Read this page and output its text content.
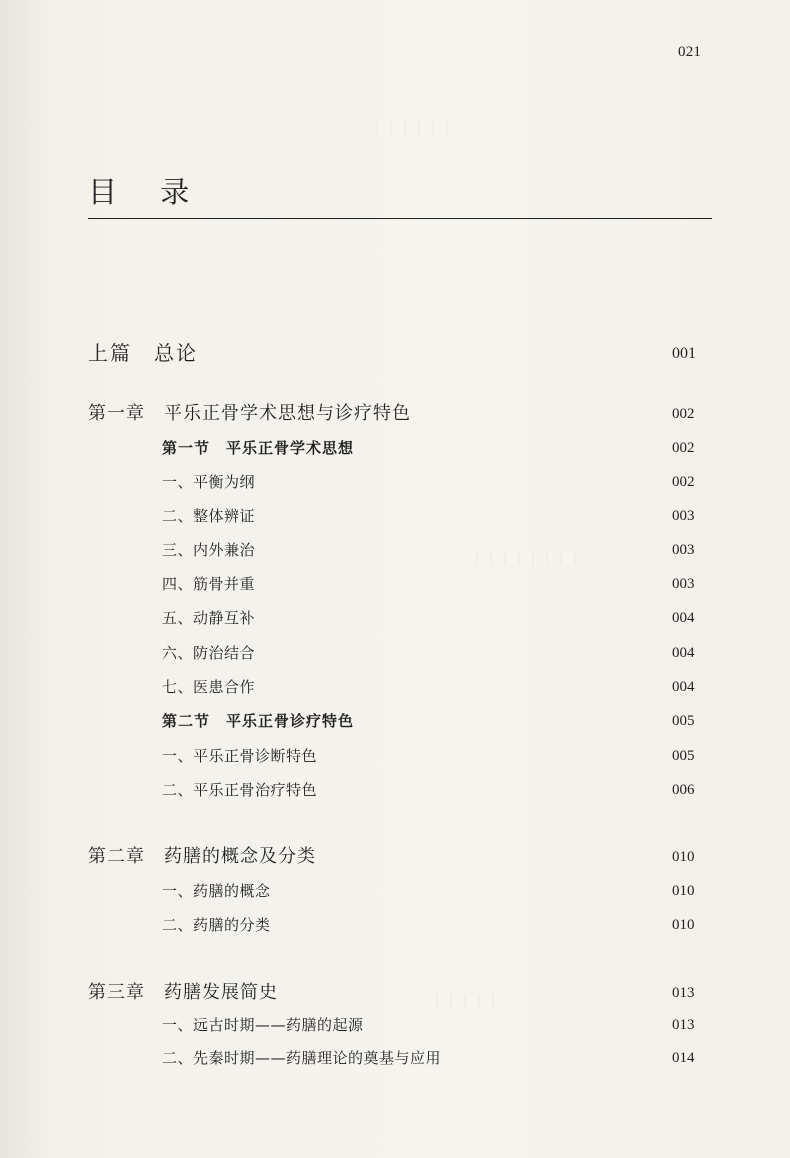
｜｜｜｜｜｜
｜｜｜｜｜｜｜｜
｜｜｜｜｜
021
目 录
上篇　总论	001
第一章　平乐正骨学术思想与诊疗特色	002
第一节　平乐正骨学术思想	002
一、平衡为纲	002
二、整体辨证	003
三、内外兼治	003
四、筋骨并重	003
五、动静互补	004
六、防治结合	004
七、医患合作	004
第二节　平乐正骨诊疗特色	005
一、平乐正骨诊断特色	005
二、平乐正骨治疗特色	006
第二章　药膳的概念及分类	010
一、药膳的概念	010
二、药膳的分类	010
第三章　药膳发展简史	013
一、远古时期——药膳的起源	013
二、先秦时期——药膳理论的奠基与应用	014
